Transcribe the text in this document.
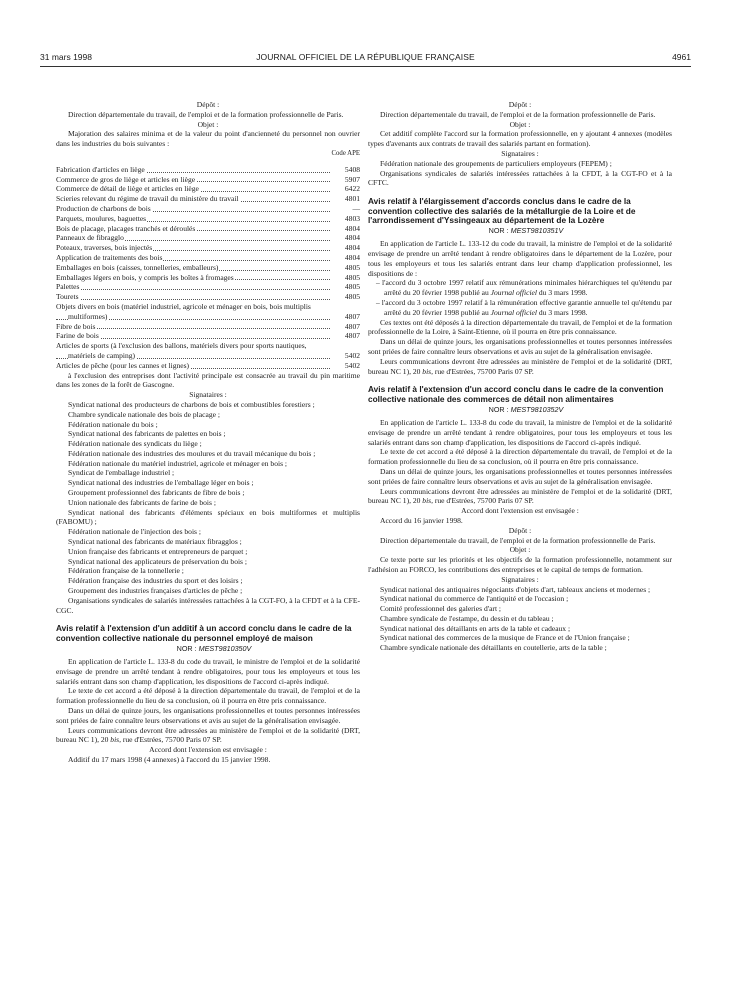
31 mars 1998	JOURNAL OFFICIEL DE LA RÉPUBLIQUE FRANÇAISE	4961

Dépôt :

Direction départementale du travail, de l'emploi et de la formation professionnelle de Paris.

Objet :

Majoration des salaires minima et de la valeur du point d'ancienneté du personnel non ouvrier dans les industries du bois suivantes :

Code APE

Fabrication d'articles en liège	5408
Commerce de gros de liège et articles en liège	5907
Commerce de détail de liège et articles en liège	6422
Scieries relevant du régime de travail du ministère du travail	4801
Production de charbons de bois	—
Parquets, moulures, baguettes	4803
Bois de placage, placages tranchés et déroulés	4804
Panneaux de fibragglo	4804
Poteaux, traverses, bois injectés	4804
Application de traitements des bois	4804
Emballages en bois (caisses, tonnelleries, emballeurs)	4805
Emballages légers en bois, y compris les boîtes à fromages	4805
Palettes	4805
Tourets	4805
Objets divers en bois (matériel industriel, agricole et ménager en bois, bois multiplis multiformes)	4807
Fibre de bois	4807
Farine de bois	4807
Articles de sports (à l'exclusion des ballons, matériels divers pour sports nautiques, matériels de camping)	5402
Articles de pêche (pour les cannes et lignes)	5402

à l'exclusion des entreprises dont l'activité principale est consacrée au travail du pin maritime dans les zones de la forêt de Gascogne.

Signataires :

Syndicat national des producteurs de charbons de bois et combustibles forestiers ;

Chambre syndicale nationale des bois de placage ;

Fédération nationale du bois ;

Syndicat national des fabricants de palettes en bois ;

Fédération nationale des syndicats du liège ;

Fédération nationale des industries des moulures et du travail mécanique du bois ;

Fédération nationale du matériel industriel, agricole et ménager en bois ;

Syndicat de l'emballage industriel ;

Syndicat national des industries de l'emballage léger en bois ;

Groupement professionnel des fabricants de fibre de bois ;

Union nationale des fabricants de farine de bois ;

Syndicat national des fabricants d'éléments spéciaux en bois multiformes et multiplis (FABOMU) ;

Fédération nationale de l'injection des bois ;

Syndicat national des fabricants de matériaux fibragglos ;

Union française des fabricants et entrepreneurs de parquet ;

Syndicat national des applicateurs de préservation du bois ;

Fédération française de la tonnellerie ;

Fédération française des industries du sport et des loisirs ;

Groupement des industries françaises d'articles de pêche ;

Organisations syndicales de salariés intéressées rattachées à la CGT-FO, à la CFDT et à la CFE-CGC.

Avis relatif à l'extension d'un additif à un accord conclu dans le cadre de la convention collective nationale du personnel employé de maison

NOR : MEST9810350V

En application de l'article L. 133-8 du code du travail, le ministre de l'emploi et de la solidarité envisage de prendre un arrêté tendant à rendre obligatoires, pour tous les employeurs et tous les salariés entrant dans son champ d'application, les dispositions de l'accord ci-après indiqué.

Le texte de cet accord a été déposé à la direction départementale du travail, de l'emploi et de la formation professionnelle du lieu de sa conclusion, où il pourra en être pris connaissance.

Dans un délai de quinze jours, les organisations professionnelles et toutes personnes intéressées sont priées de faire connaître leurs observations et avis au sujet de la généralisation envisagée.

Leurs communications devront être adressées au ministère de l'emploi et de la solidarité (DRT, bureau NC 1), 20 bis, rue d'Estrées, 75700 Paris 07 SP.

Accord dont l'extension est envisagée :

Additif du 17 mars 1998 (4 annexes) à l'accord du 15 janvier 1998.

Dépôt :

Direction départementale du travail, de l'emploi et de la formation professionnelle de Paris.

Objet :

Cet additif complète l'accord sur la formation professionnelle, en y ajoutant 4 annexes (modèles types d'avenants aux contrats de travail des salariés partant en formation).

Signataires :

Fédération nationale des groupements de particuliers employeurs (FEPEM) ;

Organisations syndicales de salariés intéressées rattachées à la CFDT, à la CGT-FO et à la CFTC.

Avis relatif à l'élargissement d'accords conclus dans le cadre de la convention collective des salariés de la métallurgie de la Loire et de l'arrondissement d'Yssingeaux au département de la Lozère

NOR : MEST9810351V

En application de l'article L. 133-12 du code du travail, la ministre de l'emploi et de la solidarité envisage de prendre un arrêté tendant à rendre obligatoires dans le département de la Lozère, pour tous les employeurs et tous les salariés entrant dans leur champ d'application professionnel, les dispositions de :

– l'accord du 3 octobre 1997 relatif aux rémunérations minimales hiérarchiques tel qu'étendu par arrêté du 20 février 1998 publié au Journal officiel du 3 mars 1998.

– l'accord du 3 octobre 1997 relatif à la rémunération effective garantie annuelle tel qu'étendu par arrêté du 20 février 1998 publié au Journal officiel du 3 mars 1998.

Ces textes ont été déposés à la direction départementale du travail, de l'emploi et de la formation professionnelle de la Loire, à Saint-Etienne, où il pourra en être pris connaissance.

Dans un délai de quinze jours, les organisations professionnelles et toutes personnes intéressées sont priées de faire connaître leurs observations et avis au sujet de la généralisation envisagée.

Leurs communications devront être adressées au ministère de l'emploi et de la solidarité (DRT, bureau NC 1), 20 bis, rue d'Estrées, 75700 Paris 07 SP.

Avis relatif à l'extension d'un accord conclu dans le cadre de la convention collective nationale des commerces de détail non alimentaires

NOR : MEST9810352V

En application de l'article L. 133-8 du code du travail, la ministre de l'emploi et de la solidarité envisage de prendre un arrêté tendant à rendre obligatoires, pour tous les employeurs et tous les salariés entrant dans son champ d'application, les dispositions de l'accord ci-après indiqué.

Le texte de cet accord a été déposé à la direction départementale du travail, de l'emploi et de la formation professionnelle du lieu de sa conclusion, où il pourra en être pris connaissance.

Dans un délai de quinze jours, les organisations professionnelles et toutes personnes intéressées sont priées de faire connaître leurs observations et avis au sujet de la généralisation envisagée.

Leurs communications devront être adressées au ministère de l'emploi et de la solidarité (DRT, bureau NC 1), 20 bis, rue d'Estrées, 75700 Paris 07 SP.

Accord dont l'extension est envisagée :

Accord du 16 janvier 1998.

Dépôt :

Direction départementale du travail, de l'emploi et de la formation professionnelle de Paris.

Objet :

Ce texte porte sur les priorités et les objectifs de la formation professionnelle, notamment sur l'adhésion au FORCO, les contributions des entreprises et le capital de temps de formation.

Signataires :

Syndicat national des antiquaires négociants d'objets d'art, tableaux anciens et modernes ;

Syndicat national du commerce de l'antiquité et de l'occasion ;

Comité professionnel des galeries d'art ;

Chambre syndicale de l'estampe, du dessin et du tableau ;

Syndicat national des détaillants en arts de la table et cadeaux ;

Syndicat national des commerces de la musique de France et de l'Union française ;

Chambre syndicale nationale des détaillants en coutellerie, arts de la table ;
